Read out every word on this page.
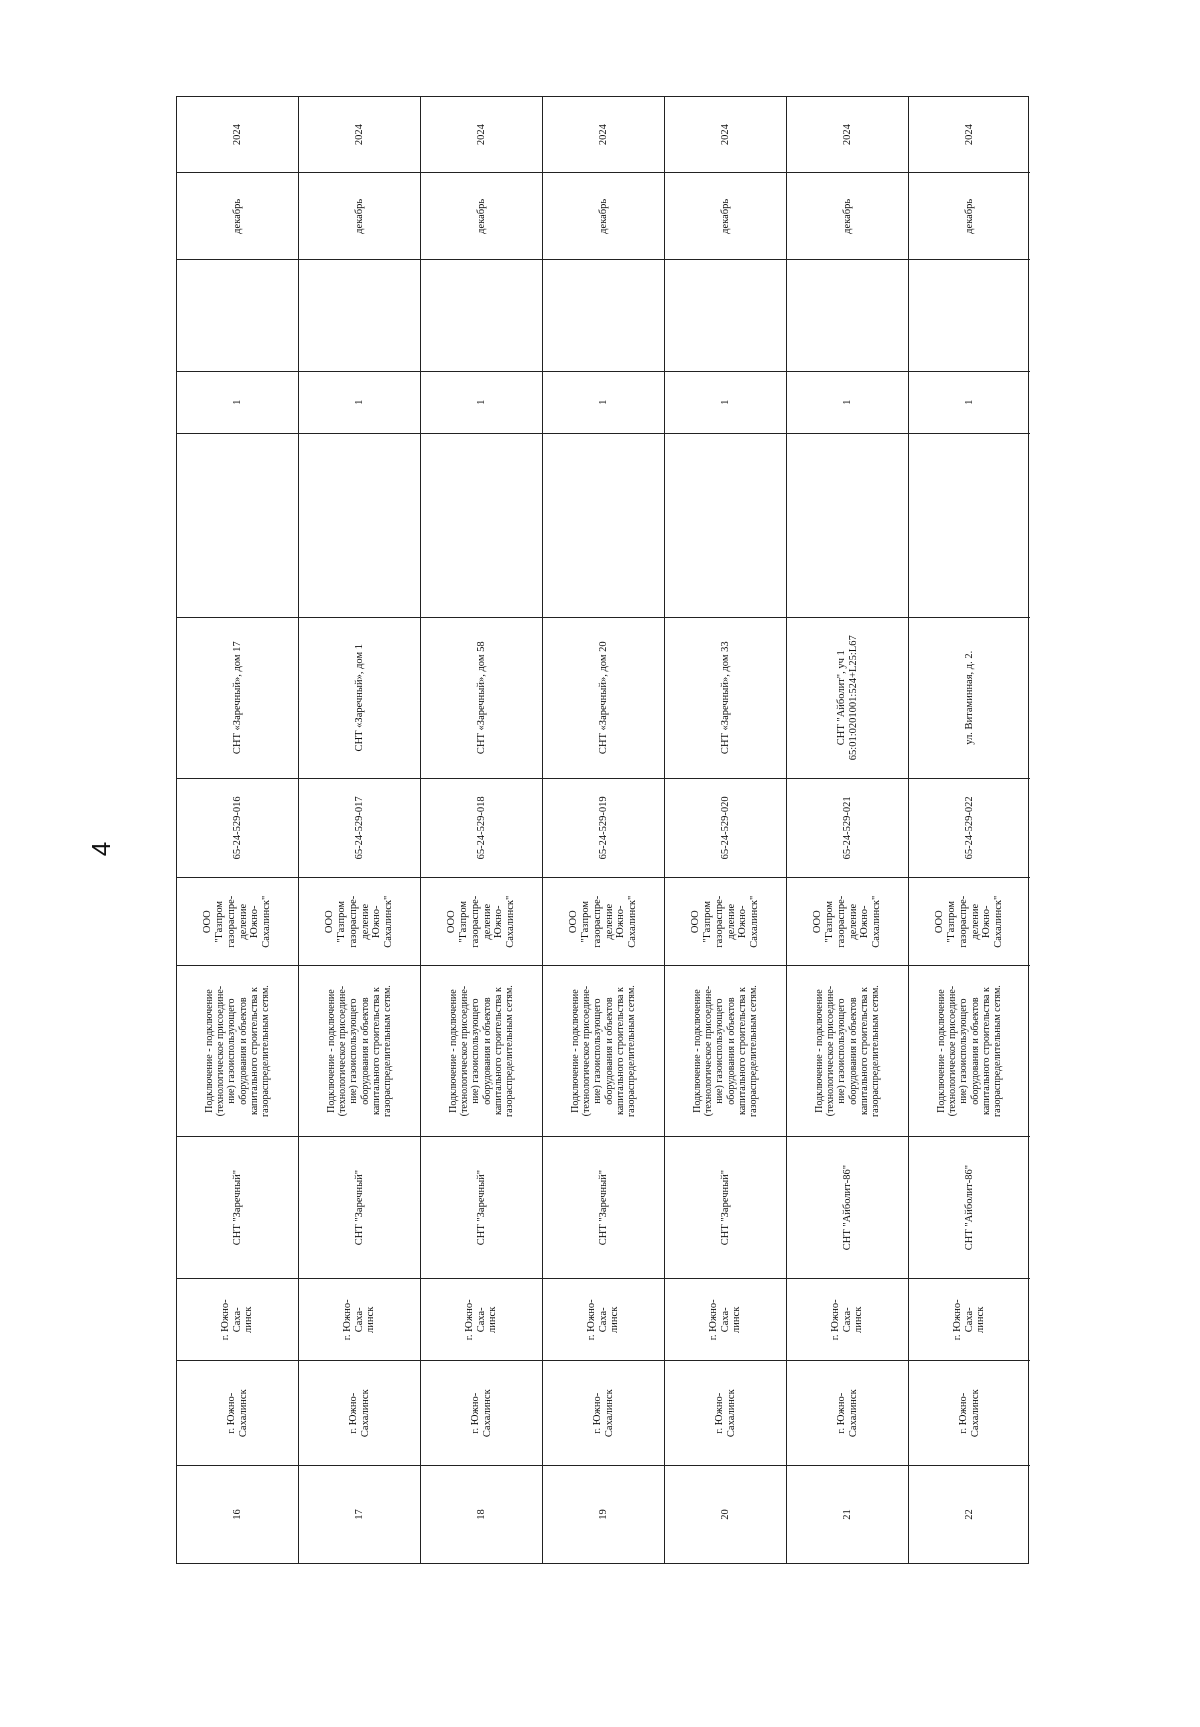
4
16
г. Южно-
Сахалинск
г. Южно-
Саха-
линск
СНТ "Заречный"
Подключение - подключение
(технологическое присоедине-
ние) газоиспользующего
оборудования и объектов
капитального строительства к
газораспределительным сетям.
ООО
"Газпром
газораспре-
деление
Южно-
Сахалинск"
65-24-529-016
СНТ «Заречный», дом 17
1
декабрь
2024
17
г. Южно-
Сахалинск
г. Южно-
Саха-
линск
СНТ "Заречный"
Подключение - подключение
(технологическое присоедине-
ние) газоиспользующего
оборудования и объектов
капитального строительства к
газораспределительным сетям.
ООО
"Газпром
газораспре-
деление
Южно-
Сахалинск"
65-24-529-017
СНТ «Заречный», дом 1
1
декабрь
2024
18
г. Южно-
Сахалинск
г. Южно-
Саха-
линск
СНТ "Заречный"
Подключение - подключение
(технологическое присоедине-
ние) газоиспользующего
оборудования и объектов
капитального строительства к
газораспределительным сетям.
ООО
"Газпром
газораспре-
деление
Южно-
Сахалинск"
65-24-529-018
СНТ «Заречный», дом 58
1
декабрь
2024
19
г. Южно-
Сахалинск
г. Южно-
Саха-
линск
СНТ "Заречный"
Подключение - подключение
(технологическое присоедине-
ние) газоиспользующего
оборудования и объектов
капитального строительства к
газораспределительным сетям.
ООО
"Газпром
газораспре-
деление
Южно-
Сахалинск"
65-24-529-019
СНТ «Заречный», дом 20
1
декабрь
2024
20
г. Южно-
Сахалинск
г. Южно-
Саха-
линск
СНТ "Заречный"
Подключение - подключение
(технологическое присоедине-
ние) газоиспользующего
оборудования и объектов
капитального строительства к
газораспределительным сетям.
ООО
"Газпром
газораспре-
деление
Южно-
Сахалинск"
65-24-529-020
СНТ «Заречный», дом 33
1
декабрь
2024
21
г. Южно-
Сахалинск
г. Южно-
Саха-
линск
СНТ "Айболит-86"
Подключение - подключение
(технологическое присоедине-
ние) газоиспользующего
оборудования и объектов
капитального строительства к
газораспределительным сетям.
ООО
"Газпром
газораспре-
деление
Южно-
Сахалинск"
65-24-529-021
СНТ "Айболит", уч 1
65:01:0201001:524+L25:L67
1
декабрь
2024
22
г. Южно-
Сахалинск
г. Южно-
Саха-
линск
СНТ "Айболит-86"
Подключение - подключение
(технологическое присоедине-
ние) газоиспользующего
оборудования и объектов
капитального строительства к
газораспределительным сетям.
ООО
"Газпром
газораспре-
деление
Южно-
Сахалинск"
65-24-529-022
ул. Витаминная, д. 2.
1
декабрь
2024
